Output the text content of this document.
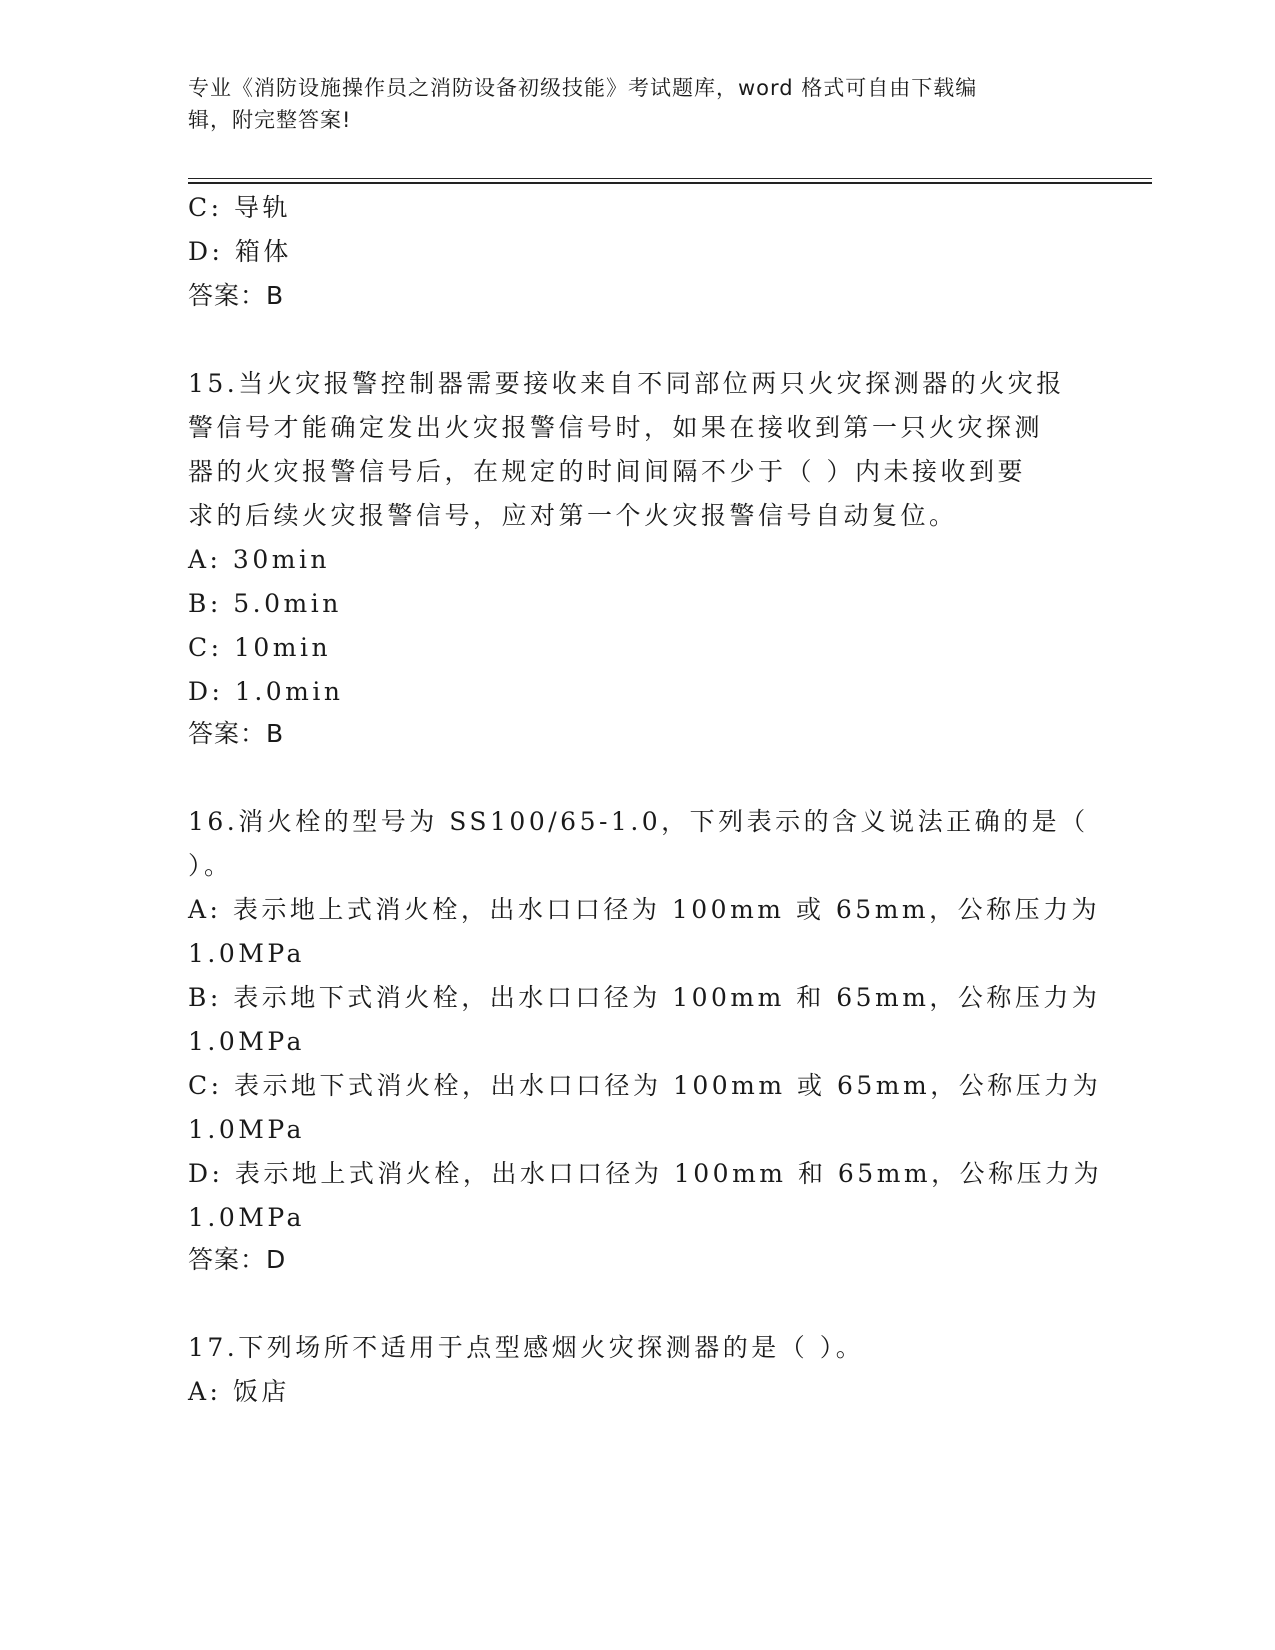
专业《消防设施操作员之消防设备初级技能》考试题库，word 格式可自由下载编
辑，附完整答案!
C: 导轨
D: 箱体
答案：B
15.当火灾报警控制器需要接收来自不同部位两只火灾探测器的火灾报
警信号才能确定发出火灾报警信号时，如果在接收到第一只火灾探测
器的火灾报警信号后，在规定的时间间隔不少于（ ）内未接收到要
求的后续火灾报警信号，应对第一个火灾报警信号自动复位。
A: 30min
B: 5.0min
C: 10min
D: 1.0min
答案：B
16.消火栓的型号为 SS100/65-1.0，下列表示的含义说法正确的是（
）。
A: 表示地上式消火栓，出水口口径为 100mm 或 65mm，公称压力为
1.0MPa
B: 表示地下式消火栓，出水口口径为 100mm 和 65mm，公称压力为
1.0MPa
C: 表示地下式消火栓，出水口口径为 100mm 或 65mm，公称压力为
1.0MPa
D: 表示地上式消火栓，出水口口径为 100mm 和 65mm，公称压力为
1.0MPa
答案：D
17.下列场所不适用于点型感烟火灾探测器的是（ ）。
A: 饭店
